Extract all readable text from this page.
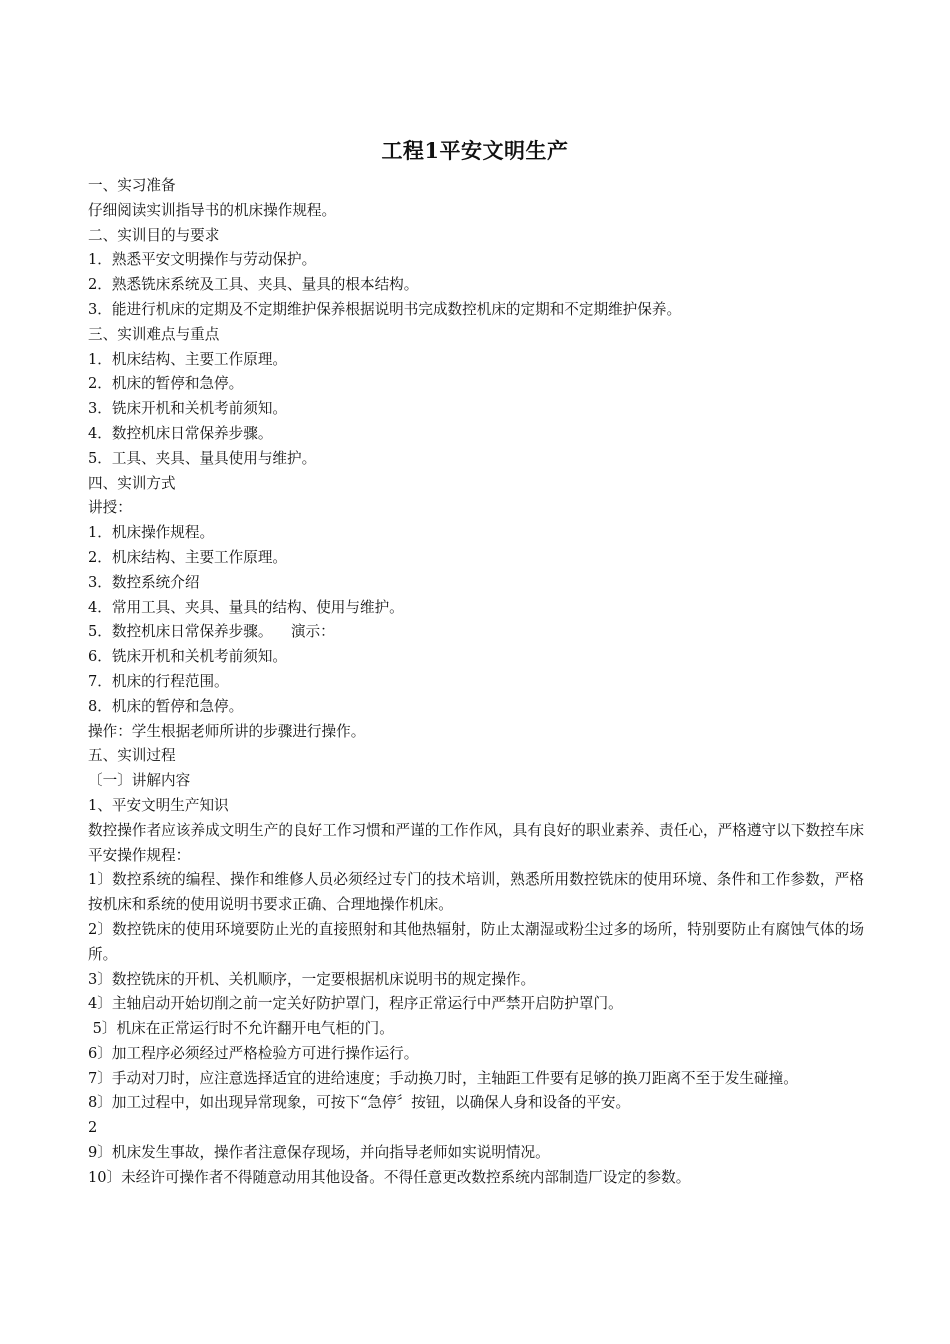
工程1平安文明生产

一、实习准备

仔细阅读实训指导书的机床操作规程。

二、实训目的与要求

1．熟悉平安文明操作与劳动保护。

2．熟悉铣床系统及工具、夹具、量具的根本结构。

3．能进行机床的定期及不定期维护保养根据说明书完成数控机床的定期和不定期维护保养。

三、实训难点与重点

1．机床结构、主要工作原理。

2．机床的暂停和急停。

3．铣床开机和关机考前须知。

4．数控机床日常保养步骤。

5．工具、夹具、量具使用与维护。

四、实训方式

讲授：

1．机床操作规程。

2．机床结构、主要工作原理。

3．数控系统介绍

4．常用工具、夹具、量具的结构、使用与维护。

5．数控机床日常保养步骤。    演示：

6．铣床开机和关机考前须知。

7．机床的行程范围。

8．机床的暂停和急停。

操作：学生根据老师所讲的步骤进行操作。

五、实训过程

〔一〕讲解内容

1、平安文明生产知识

数控操作者应该养成文明生产的良好工作习惯和严谨的工作作风，具有良好的职业素养、责任心，严格遵守以下数控车床平安操作规程：

1〕数控系统的编程、操作和维修人员必须经过专门的技术培训，熟悉所用数控铣床的使用环境、条件和工作参数，严格按机床和系统的使用说明书要求正确、合理地操作机床。

2〕数控铣床的使用环境要防止光的直接照射和其他热辐射，防止太潮湿或粉尘过多的场所，特别要防止有腐蚀气体的场所。

3〕数控铣床的开机、关机顺序，一定要根据机床说明书的规定操作。

4〕主轴启动开始切削之前一定关好防护罩门，程序正常运行中严禁开启防护罩门。

5〕机床在正常运行时不允许翻开电气柜的门。

6〕加工程序必须经过严格检验方可进行操作运行。

7〕手动对刀时，应注意选择适宜的进给速度；手动换刀时，主轴距工件要有足够的换刀距离不至于发生碰撞。

8〕加工过程中，如出现异常现象，可按下“急停〞按钮，以确保人身和设备的平安。

2

9〕机床发生事故，操作者注意保存现场，并向指导老师如实说明情况。

10〕未经许可操作者不得随意动用其他设备。不得任意更改数控系统内部制造厂设定的参数。
